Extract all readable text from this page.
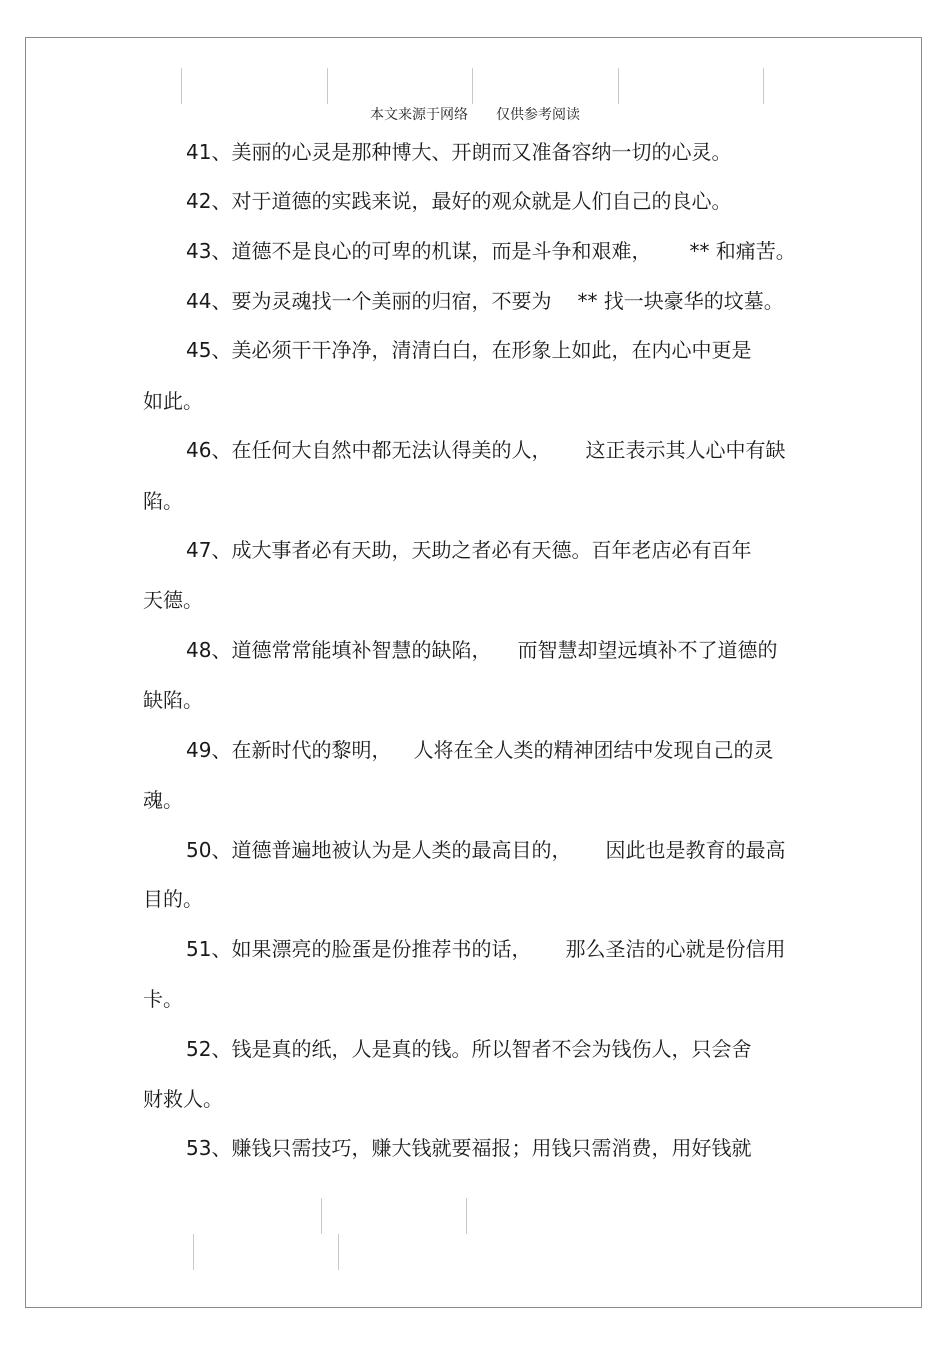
本文来源于网络 仅供参考阅读
41、美丽的心灵是那种博大、开朗而又准备容纳一切的心灵。
42、对于道德的实践来说，最好的观众就是人们自己的良心。
43、道德不是良心的可卑的机谋，而是斗争和艰难， ** 和痛苦。
44、要为灵魂找一个美丽的归宿，不要为 ** 找一块豪华的坟墓。
45、美必须干干净净，清清白白，在形象上如此，在内心中更是
如此。
46、在任何大自然中都无法认得美的人， 这正表示其人心中有缺
陷。
47、成大事者必有天助，天助之者必有天德。百年老店必有百年
天德。
48、道德常常能填补智慧的缺陷， 而智慧却望远填补不了道德的
缺陷。
49、在新时代的黎明， 人将在全人类的精神团结中发现自己的灵
魂。
50、道德普遍地被认为是人类的最高目的， 因此也是教育的最高
目的。
51、如果漂亮的脸蛋是份推荐书的话， 那么圣洁的心就是份信用
卡。
52、钱是真的纸，人是真的钱。所以智者不会为钱伤人，只会舍
财救人。
53、赚钱只需技巧，赚大钱就要福报；用钱只需消费，用好钱就
